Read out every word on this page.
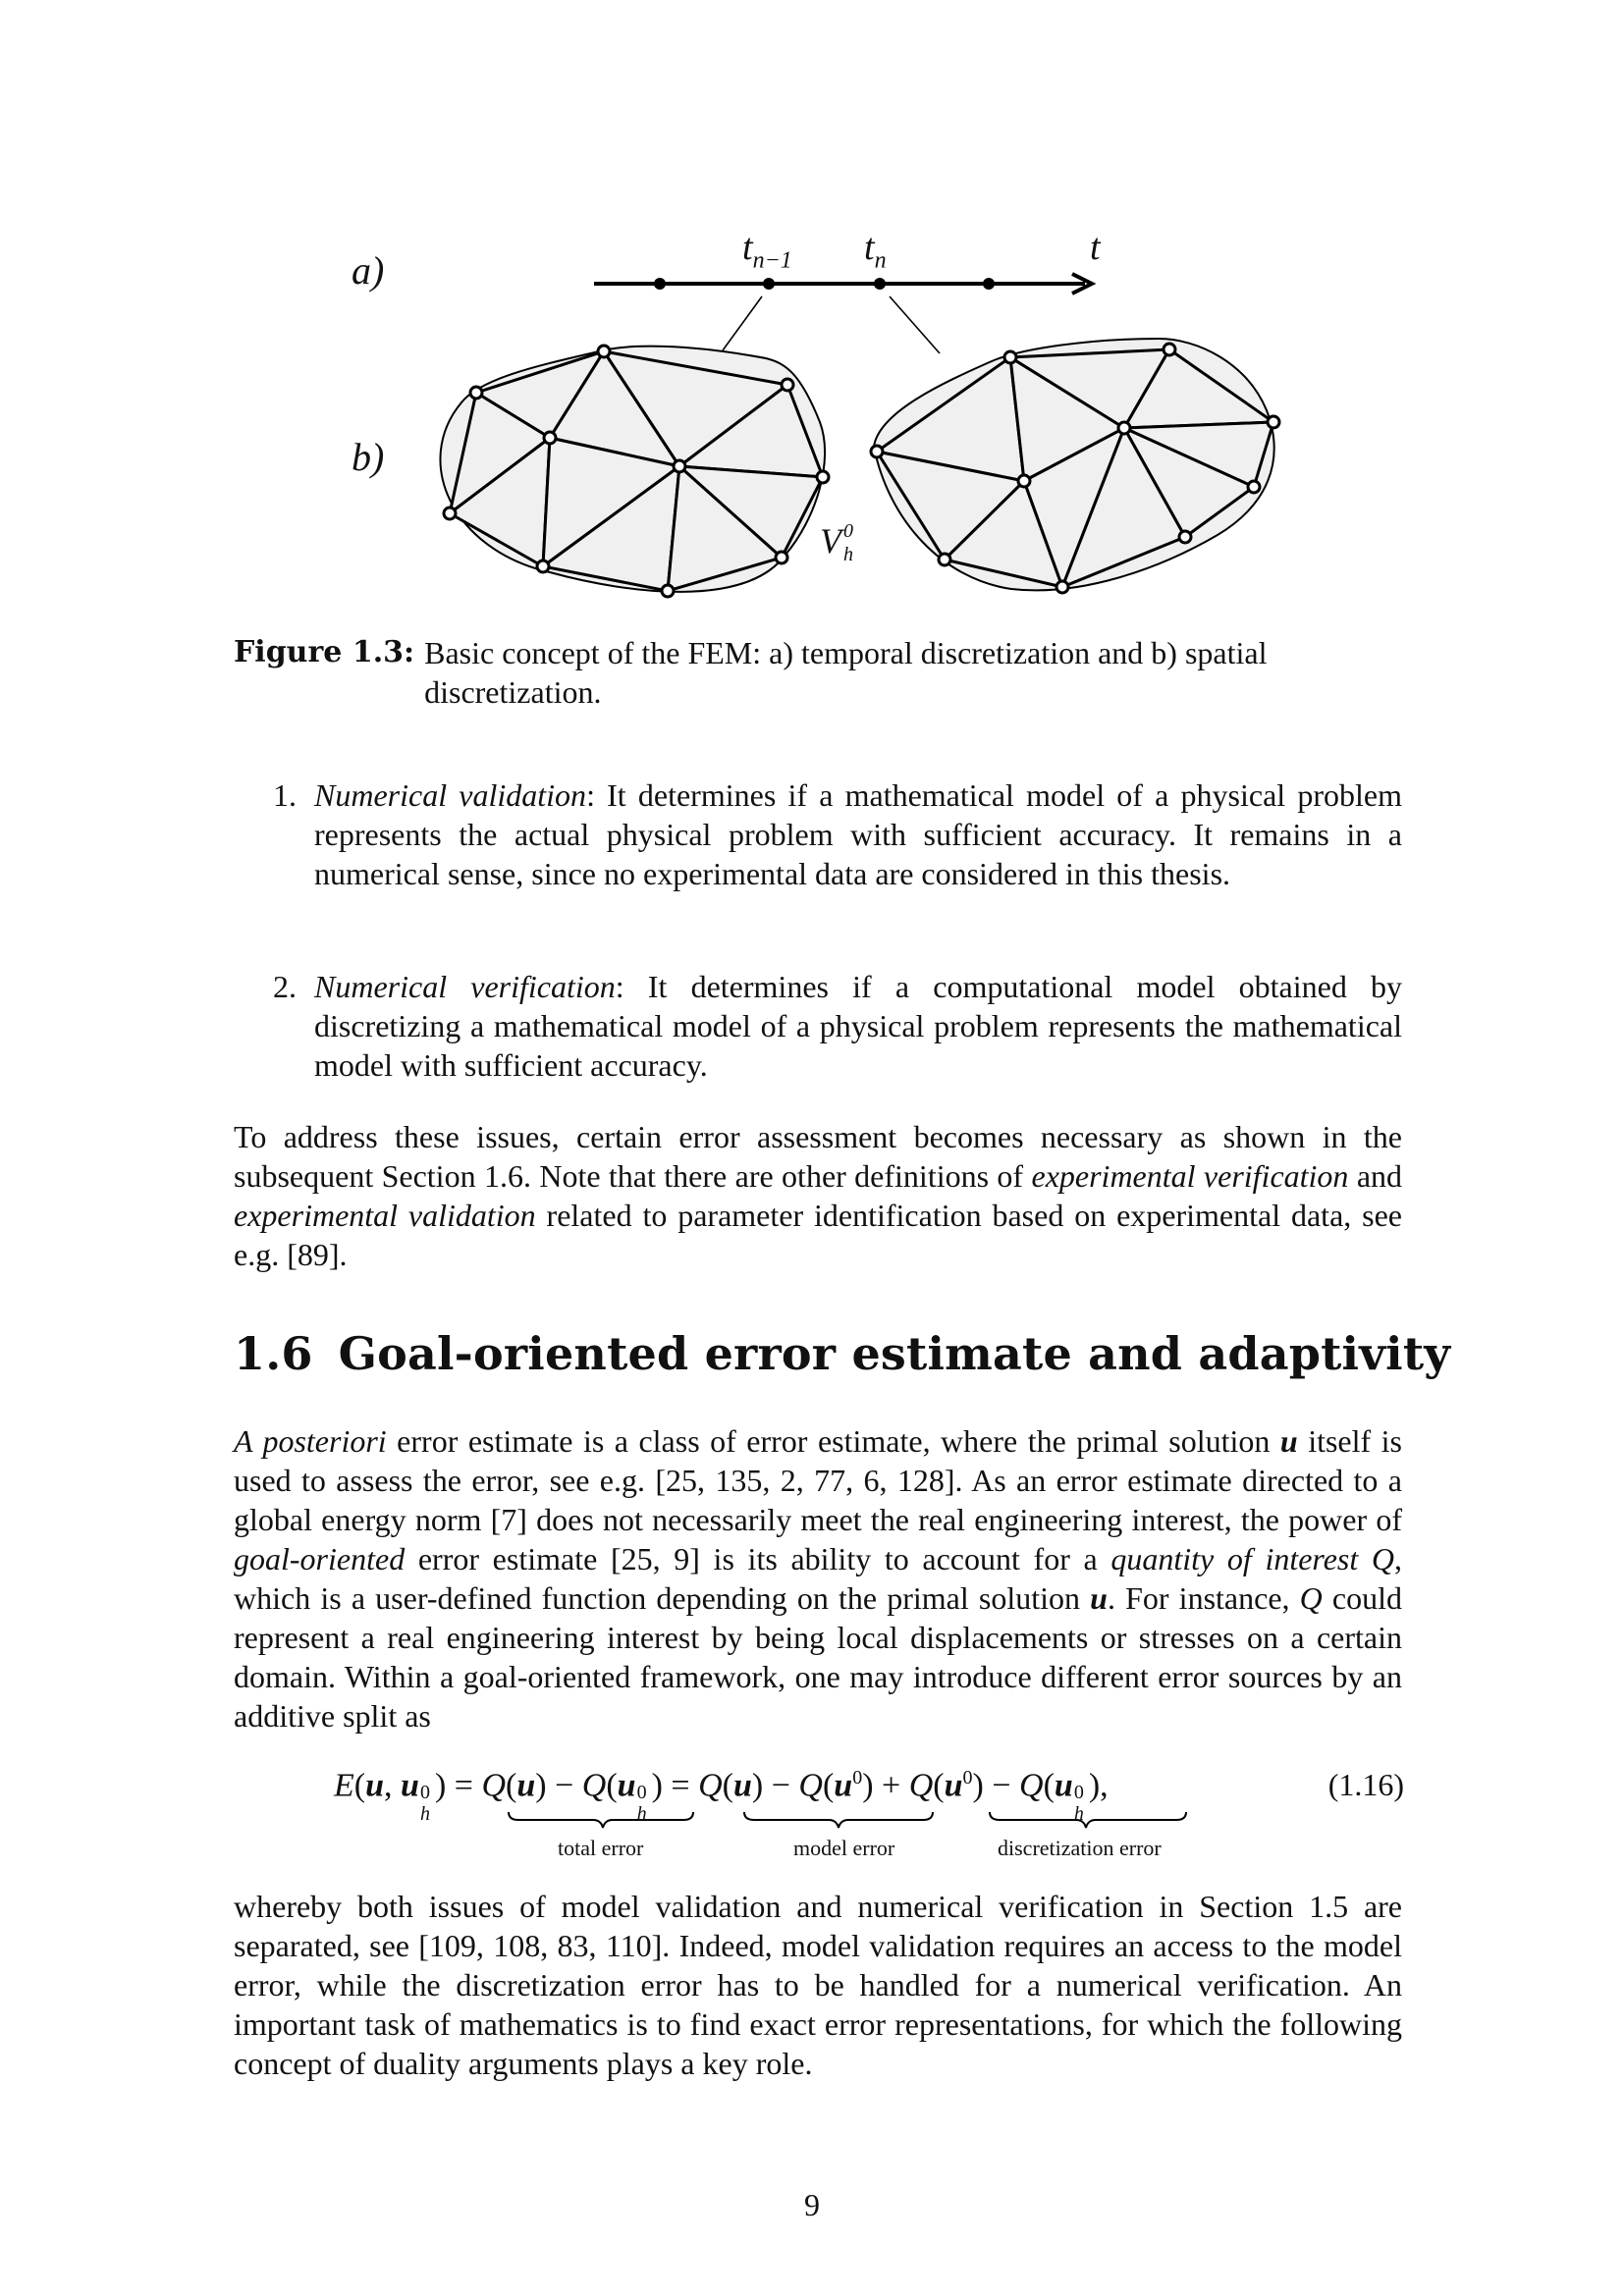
a)
b)
$t_{n-1}$ $t_n$	t
V 0
h
Figure 1.3: Basic concept of the FEM: a) temporal discretization and b) spatial
discretization.
1. Numerical validation: It determines if a mathematical model of a physical problem represents the actual physical problem with sufficient accuracy. It remains in a numerical sense, since no experimental data are considered in this thesis.
2. Numerical verification: It determines if a computational model obtained by discretizing a mathematical model of a physical problem represents the mathematical model with sufficient accuracy.
To address these issues, certain error assessment becomes necessary as shown in the subsequent Section 1.6. Note that there are other definitions of experimental verification and experimental validation related to parameter identification based on experimental data, see e.g. [89].
1.6 Goal-oriented error estimate and adaptivity
A posteriori error estimate is a class of error estimate, where the primal solution u itself is used to assess the error, see e.g. [25, 135, 2, 77, 6, 128]. As an error estimate directed to a global energy norm [7] does not necessarily meet the real engineering interest, the power of goal-oriented error estimate [25, 9] is its ability to account for a quantity of interest Q, which is a user-defined function depending on the primal solution u. For instance, Q could represent a real engineering interest by being local displacements or stresses on a certain domain. Within a goal-oriented framework, one may introduce different error sources by an additive split as
E(u, u 0
h
) = Q(u) − Q(u 0
h
) = $Q(u) - Q(u^0) + Q(u^0) - Q(u$ 0
h
),	(1.16)
total error	model error	discretization error
whereby both issues of model validation and numerical verification in Section 1.5 are separated, see [109, 108, 83, 110]. Indeed, model validation requires an access to the model error, while the discretization error has to be handled for a numerical verification. An important task of mathematics is to find exact error representations, for which the following concept of duality arguments plays a key role.
9
